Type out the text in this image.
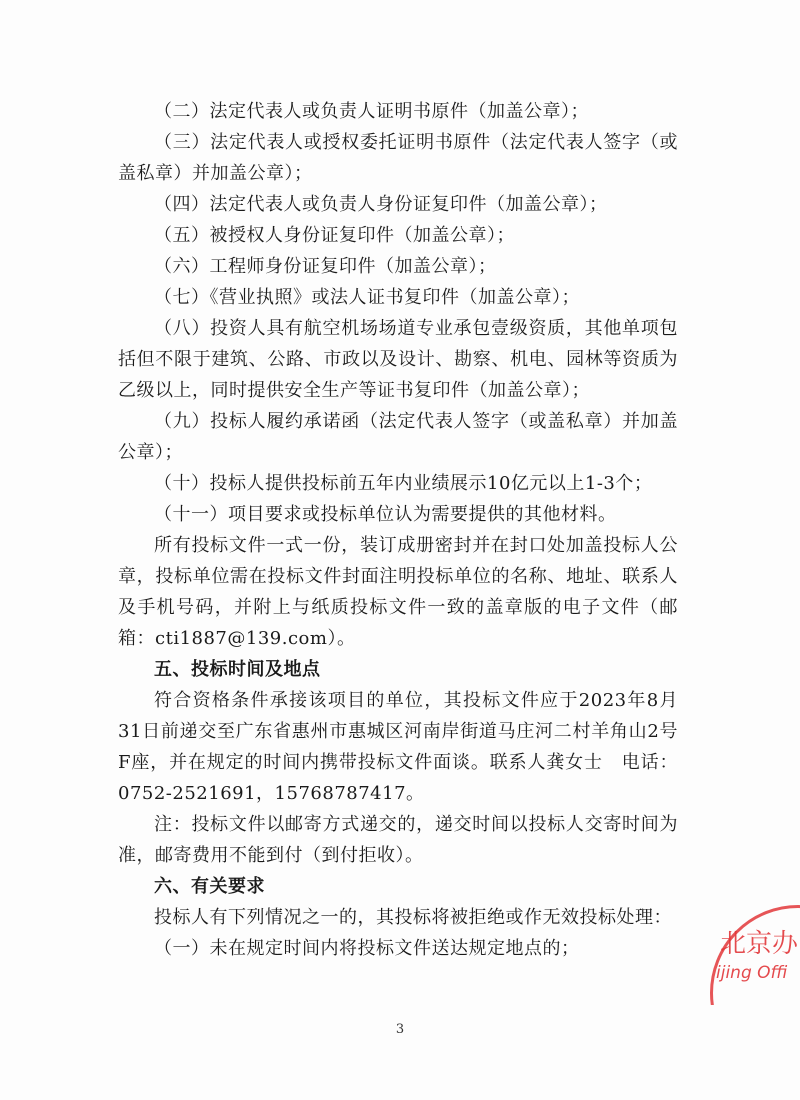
（二）法定代表人或负责人证明书原件（加盖公章）；

（三）法定代表人或授权委托证明书原件（法定代表人签字（或盖私章）并加盖公章）；

（四）法定代表人或负责人身份证复印件（加盖公章）；

（五）被授权人身份证复印件（加盖公章）；

（六）工程师身份证复印件（加盖公章）；

（七）《营业执照》或法人证书复印件（加盖公章）；

（八）投资人具有航空机场场道专业承包壹级资质，其他单项包括但不限于建筑、公路、市政以及设计、勘察、机电、园林等资质为乙级以上，同时提供安全生产等证书复印件（加盖公章）；

（九）投标人履约承诺函（法定代表人签字（或盖私章）并加盖公章）；

（十）投标人提供投标前五年内业绩展示10亿元以上1-3个；

（十一）项目要求或投标单位认为需要提供的其他材料。

所有投标文件一式一份，装订成册密封并在封口处加盖投标人公章，投标单位需在投标文件封面注明投标单位的名称、地址、联系人及手机号码，并附上与纸质投标文件一致的盖章版的电子文件（邮箱：cti1887@139.com）。

五、投标时间及地点

符合资格条件承接该项目的单位，其投标文件应于2023年8月31日前递交至广东省惠州市惠城区河南岸街道马庄河二村羊角山2号F座，并在规定的时间内携带投标文件面谈。联系人龚女士　电话：0752-2521691，15768787417。

注：投标文件以邮寄方式递交的，递交时间以投标人交寄时间为准，邮寄费用不能到付（到付拒收）。

六、有关要求

投标人有下列情况之一的，其投标将被拒绝或作无效投标处理：

（一）未在规定时间内将投标文件送达规定地点的；

3
北京办
ijing Offi
